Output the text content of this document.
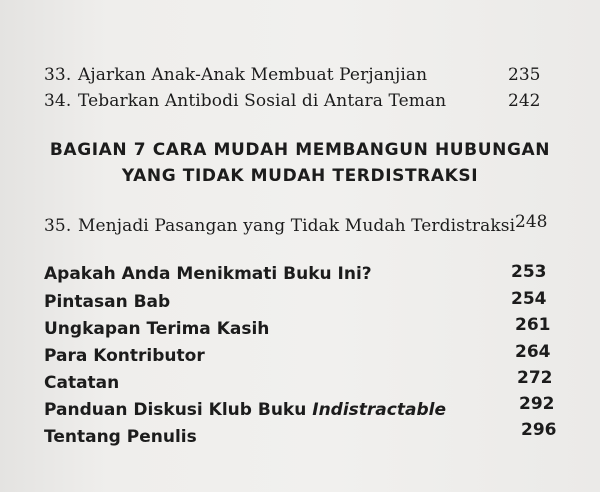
33. Ajarkan Anak-Anak Membuat Perjanjian	235
34. Tebarkan Antibodi Sosial di Antara Teman	242
BAGIAN 7 CARA MUDAH MEMBANGUN HUBUNGAN
YANG TIDAK MUDAH TERDISTRAKSI
35. Menjadi Pasangan yang Tidak Mudah Terdistraksi 248
Apakah Anda Menikmati Buku Ini?	253
Pintasan Bab	254
Ungkapan Terima Kasih	261
Para Kontributor	264
Catatan	272
Panduan Diskusi Klub Buku Indistractable	292
Tentang Penulis	296
